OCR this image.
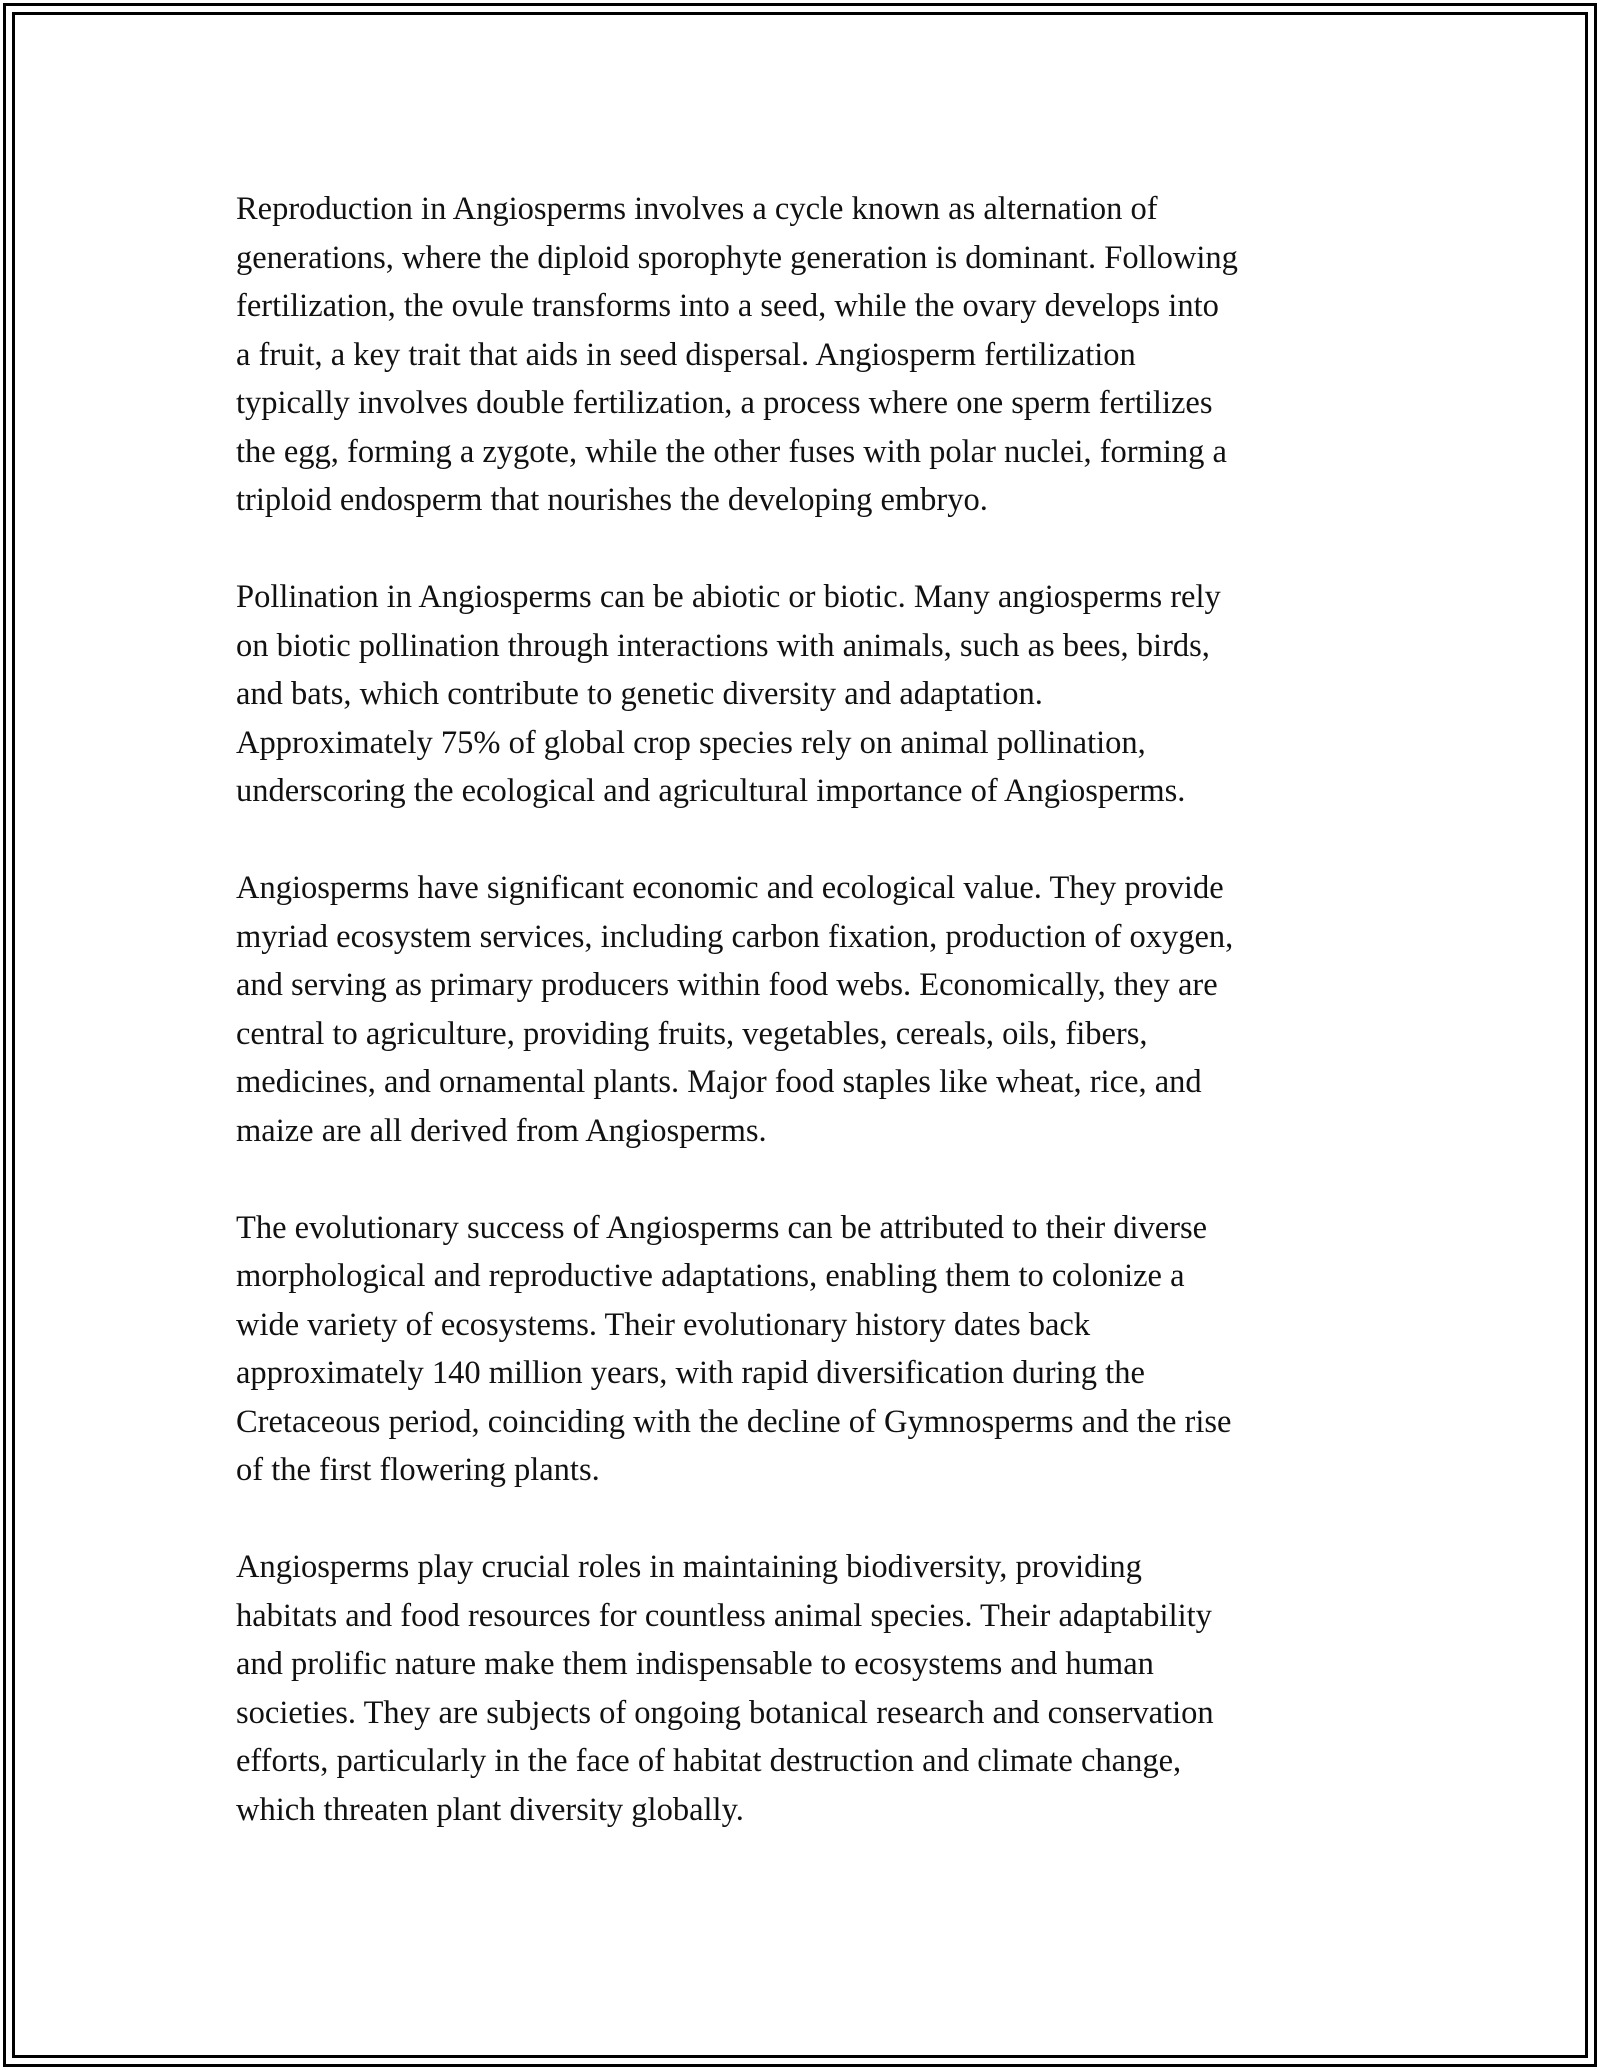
Reproduction in Angiosperms involves a cycle known as alternation of
generations, where the diploid sporophyte generation is dominant. Following
fertilization, the ovule transforms into a seed, while the ovary develops into
a fruit, a key trait that aids in seed dispersal. Angiosperm fertilization
typically involves double fertilization, a process where one sperm fertilizes
the egg, forming a zygote, while the other fuses with polar nuclei, forming a
triploid endosperm that nourishes the developing embryo.

Pollination in Angiosperms can be abiotic or biotic. Many angiosperms rely
on biotic pollination through interactions with animals, such as bees, birds,
and bats, which contribute to genetic diversity and adaptation.
Approximately 75% of global crop species rely on animal pollination,
underscoring the ecological and agricultural importance of Angiosperms.

Angiosperms have significant economic and ecological value. They provide
myriad ecosystem services, including carbon fixation, production of oxygen,
and serving as primary producers within food webs. Economically, they are
central to agriculture, providing fruits, vegetables, cereals, oils, fibers,
medicines, and ornamental plants. Major food staples like wheat, rice, and
maize are all derived from Angiosperms.

The evolutionary success of Angiosperms can be attributed to their diverse
morphological and reproductive adaptations, enabling them to colonize a
wide variety of ecosystems. Their evolutionary history dates back
approximately 140 million years, with rapid diversification during the
Cretaceous period, coinciding with the decline of Gymnosperms and the rise
of the first flowering plants.

Angiosperms play crucial roles in maintaining biodiversity, providing
habitats and food resources for countless animal species. Their adaptability
and prolific nature make them indispensable to ecosystems and human
societies. They are subjects of ongoing botanical research and conservation
efforts, particularly in the face of habitat destruction and climate change,
which threaten plant diversity globally.
